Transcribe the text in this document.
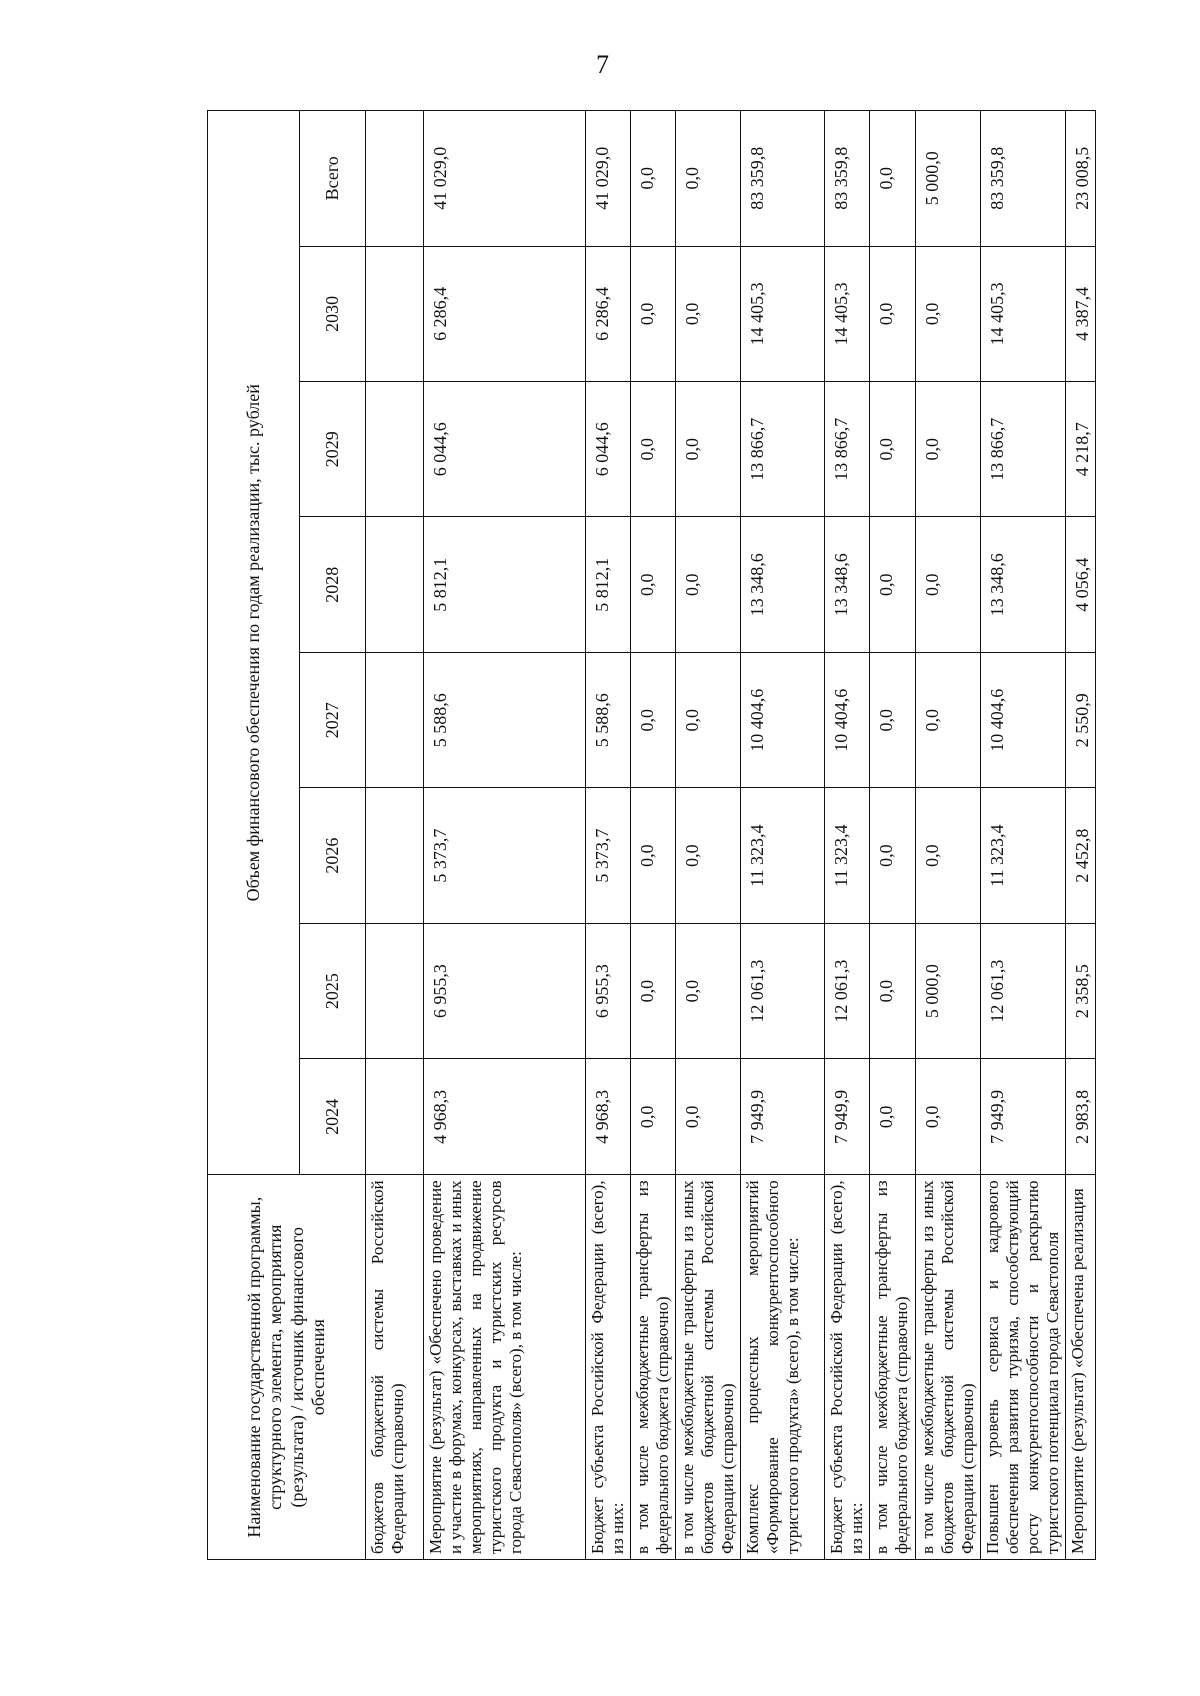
7
Наименование государственной программы, структурного элемента, мероприятия (результата) / источник финансового обеспечения	Объем финансового обеспечения по годам реализации, тыс. рублей							
	2024	2025	2026	2027	2028	2029	2030	Всего
бюджетов бюджетной системы Российской Федерации (справочно)								
Мероприятие (результат) «Обеспечено проведение и участие в форумах, конкурсах, выставках и иных мероприятиях, направленных на продвижение туристского продукта и туристских ресурсов города Севастополя» (всего), в том числе:	4 968,3	6 955,3	5 373,7	5 588,6	5 812,1	6 044,6	6 286,4	41 029,0
Бюджет субъекта Российской Федерации (всего), из них:	4 968,3	6 955,3	5 373,7	5 588,6	5 812,1	6 044,6	6 286,4	41 029,0
в том числе межбюджетные трансферты из федерального бюджета (справочно)	0,0	0,0	0,0	0,0	0,0	0,0	0,0	0,0
в том числе межбюджетные трансферты из иных бюджетов бюджетной системы Российской Федерации (справочно)	0,0	0,0	0,0	0,0	0,0	0,0	0,0	0,0
Комплекс процессных мероприятий «Формирование конкурентоспособного туристского продукта» (всего), в том числе:	7 949,9	12 061,3	11 323,4	10 404,6	13 348,6	13 866,7	14 405,3	83 359,8
Бюджет субъекта Российской Федерации (всего), из них:	7 949,9	12 061,3	11 323,4	10 404,6	13 348,6	13 866,7	14 405,3	83 359,8
в том числе межбюджетные трансферты из федерального бюджета (справочно)	0,0	0,0	0,0	0,0	0,0	0,0	0,0	0,0
в том числе межбюджетные трансферты из иных бюджетов бюджетной системы Российской Федерации (справочно)	0,0	5 000,0	0,0	0,0	0,0	0,0	0,0	5 000,0
Повышен уровень сервиса и кадрового обеспечения развития туризма, способствующий росту конкурентоспособности и раскрытию туристского потенциала города Севастополя	7 949,9	12 061,3	11 323,4	10 404,6	13 348,6	13 866,7	14 405,3	83 359,8
Мероприятие (результат) «Обеспечена реализация	2 983,8	2 358,5	2 452,8	2 550,9	4 056,4	4 218,7	4 387,4	23 008,5
